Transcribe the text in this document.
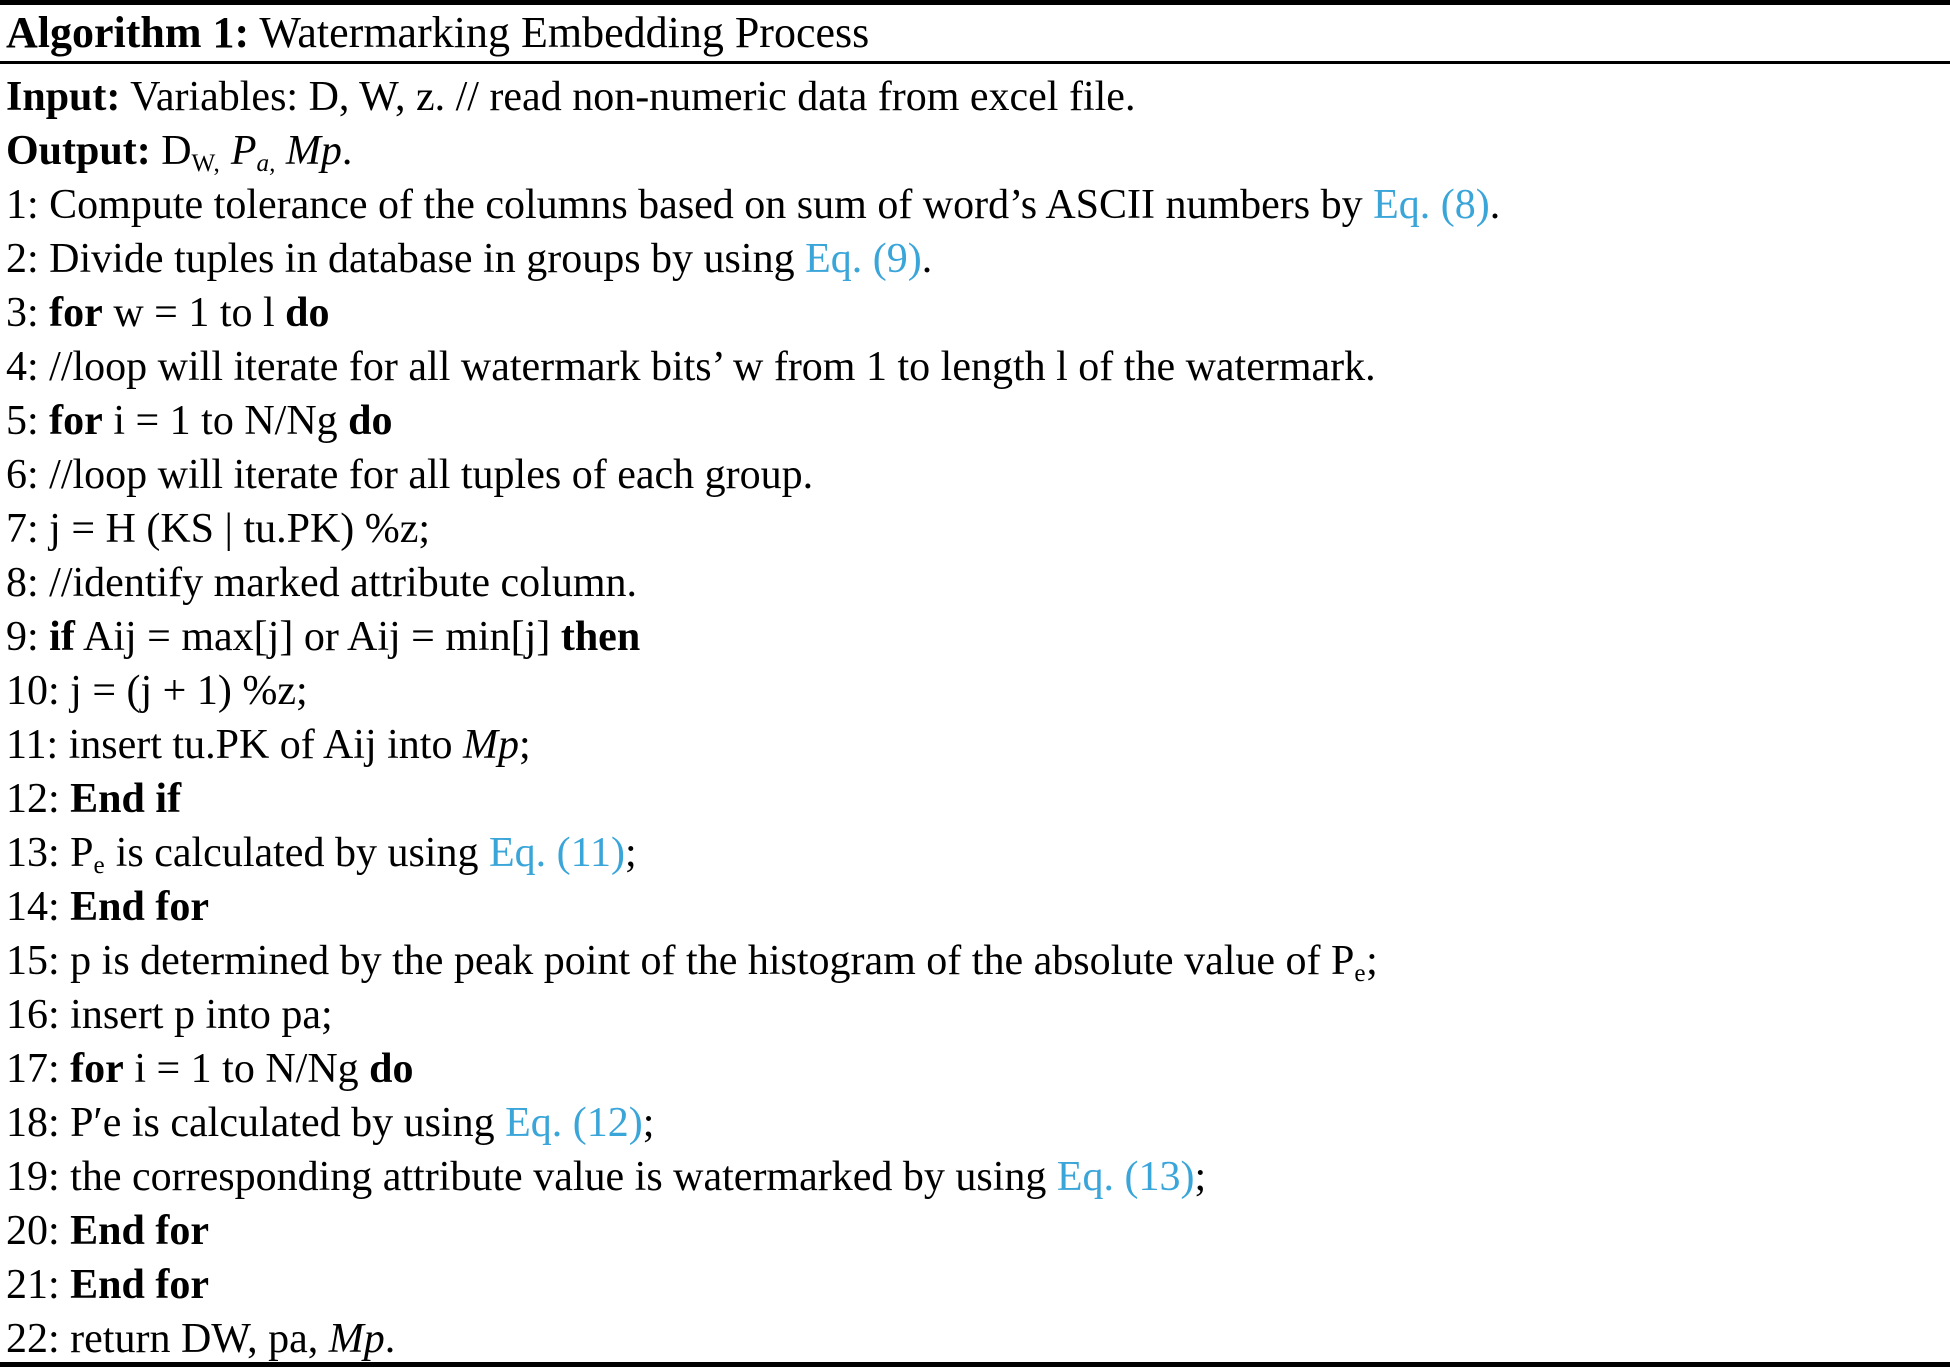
Algorithm 1: Watermarking Embedding Process
Input: Variables: D, W, z. // read non-numeric data from excel file.
Output: DW, Pa, Mp.
1: Compute tolerance of the columns based on sum of word’s ASCII numbers by Eq. (8).
2: Divide tuples in database in groups by using Eq. (9).
3: for w = 1 to l do
4: //loop will iterate for all watermark bits’ w from 1 to length l of the watermark.
5: for i = 1 to N/Ng do
6: //loop will iterate for all tuples of each group.
7: j = H (KS | tu.PK) %z;
8: //identify marked attribute column.
9: if Aij = max[j] or Aij = min[j] then
10: j = (j + 1) %z;
11: insert tu.PK of Aij into Mp;
12: End if
13: Pe is calculated by using Eq. (11);
14: End for
15: p is determined by the peak point of the histogram of the absolute value of Pe;
16: insert p into pa;
17: for i = 1 to N/Ng do
18: P′e is calculated by using Eq. (12);
19: the corresponding attribute value is watermarked by using Eq. (13);
20: End for
21: End for
22: return DW, pa, Mp.
